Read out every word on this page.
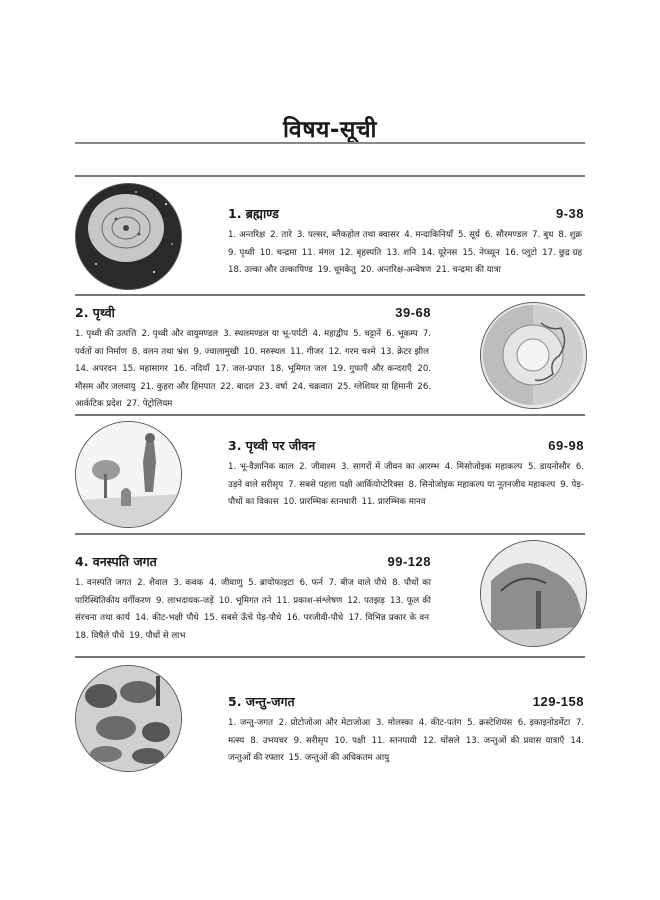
विषय-सूची
1. ब्रह्माण्ड	9-38
1. अन्तरिक्ष 2. तारे 3. पल्सर, ब्लैकहोल तथा क्वासर 4. मन्दाकिनियाँ 5. सूर्य 6. सौरमण्डल 7. बुध 8. शुक्र 9. पृथ्वी 10. चन्द्रमा 11. मंगल 12. बृहस्पति 13. शनि 14. यूरेनस 15. नेप्च्यून 16. प्लूटो 17. छुद्र ग्रह 18. उल्का और उल्कापिण्ड 19. धूमकेतु 20. अन्तरिक्ष-अन्वेषण 21. चन्द्रमा की यात्रा
2. पृथ्वी	39-68
1. पृथ्वी की उत्पत्ति 2. पृथ्वी और वायुमण्डल 3. स्थलमण्डल या भू-पर्पटी 4. महाद्वीप 5. चट्टानें 6. भूकम्प 7. पर्वतों का निर्माण 8. वलन तथा भ्रंश 9. ज्वालामुखी 10. मरुस्थल 11. गीजर 12. गरम चश्मे 13. क्रेटर झील 14. अपरदन 15. महासागर 16. नदियाँ 17. जल-प्रपात 18. भूमिगत जल 19. गुफाएँ और कन्दराएँ 20. मौसम और जलवायु 21. कुहरा और हिमपात 22. बादल 23. वर्षा 24. चक्रवात 25. ग्लेशियर या हिमानी 26. आर्कटिक प्रदेश 27. पेट्रोलियम
3. पृथ्वी पर जीवन	69-98
1. भू-वैज्ञानिक काल 2. जीवाश्म 3. सागरों में जीवन का आरम्भ 4. मिसोजोइक महाकल्प 5. डायनोसौर 6. उड़ने वाले सरीसृप 7. सबसे पहला पक्षी आर्कियोप्टेरिक्स 8. सिनोजोइक महाकल्प या नूतनजीव महाकल्प 9. पेड़-पौधों का विकास 10. प्रारम्भिक स्तनधारी 11. प्रारम्भिक मानव
4. वनस्पति जगत	99-128
1. वनस्पति जगत 2. शैवाल 3. कवक 4. जीवाणु 5. ब्रायोफाइटा 6. फर्न 7. बीज वाले पौधे 8. पौधों का पारिस्थितिकीय वर्गीकरण 9. लाभदायक-जड़ें 10. भूमिगत तने 11. प्रकाश-संश्लेषण 12. पतझड़ 13. फूल की संरचना तथा कार्य 14. कीट-भक्षी पौधे 15. सबसे ऊँचे पेड़-पौधे 16. परजीवी-पौधे 17. विभिन्न प्रकार के वन 18. विषैले पौधे 19. पौधों से लाभ
5. जन्तु-जगत	129-158
1. जन्तु-जगत 2. प्रोटोजोआ और मेटाजोआ 3. मोलस्का 4. कीट-पतंग 5. क्रस्टेशियंस 6. इकाइनोडर्मेटा 7. मत्स्य 8. उभयचर 9. सरीसृप 10. पक्षी 11. स्तनपायी 12. घोंसले 13. जन्तुओं की प्रवास यात्राएँ 14. जन्तुओं की रफ्तार 15. जन्तुओं की अधिकतम आयु
